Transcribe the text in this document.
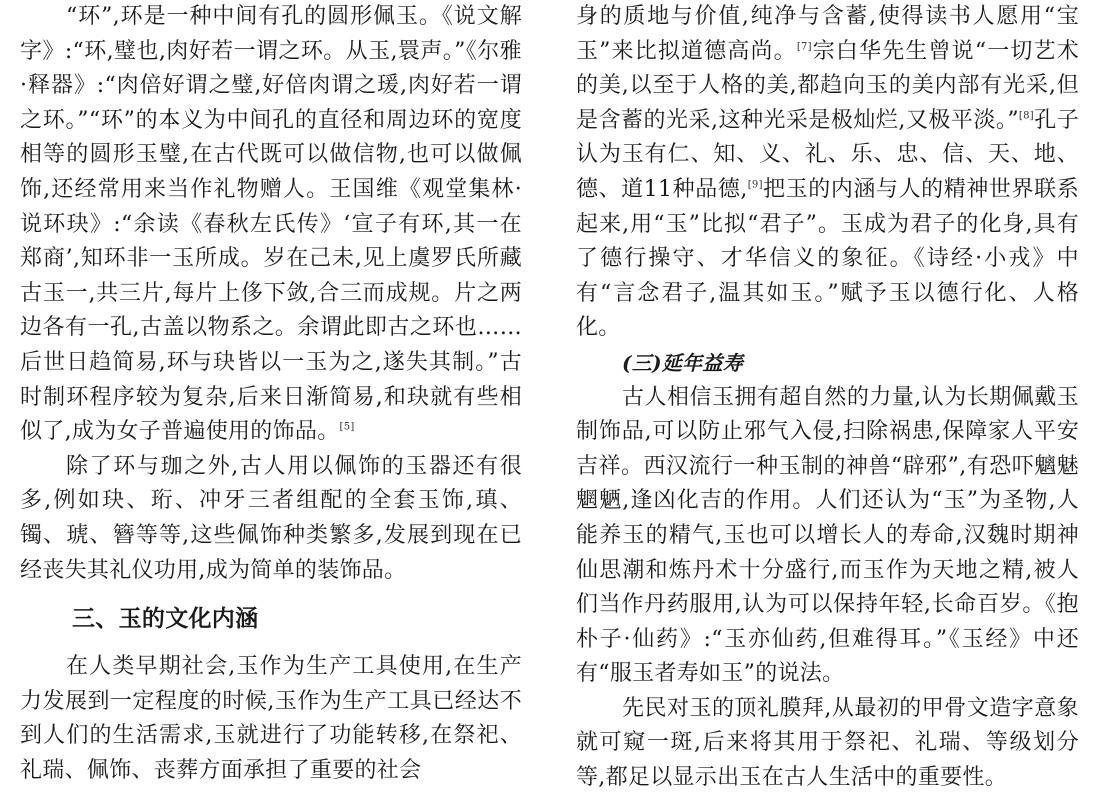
“环”,环是一种中间有孔的圆形佩玉。《说文解字》:“环,璧也,肉好若一谓之环。从玉,睘声。”《尔雅·释器》:“肉倍好谓之璧,好倍肉谓之瑗,肉好若一谓之环。”“环”的本义为中间孔的直径和周边环的宽度相等的圆形玉璧,在古代既可以做信物,也可以做佩饰,还经常用来当作礼物赠人。王国维《观堂集林·说环玦》:“余读《春秋左氏传》‘宣子有环,其一在郑商’,知环非一玉所成。岁在己未,见上虞罗氏所藏古玉一,共三片,每片上侈下敛,合三而成规。片之两边各有一孔,古盖以物系之。余谓此即古之环也……后世日趋简易,环与玦皆以一玉为之,遂失其制。”古时制环程序较为复杂,后来日渐简易,和玦就有些相似了,成为女子普遍使用的饰品。[5]

除了环与珈之外,古人用以佩饰的玉器还有很多,例如玦、珩、冲牙三者组配的全套玉饰,瑱、镯、琥、簪等等,这些佩饰种类繁多,发展到现在已经丧失其礼仪功用,成为简单的装饰品。

三、玉的文化内涵

在人类早期社会,玉作为生产工具使用,在生产力发展到一定程度的时候,玉作为生产工具已经达不到人们的生活需求,玉就进行了功能转移,在祭祀、礼瑞、佩饰、丧葬方面承担了重要的社会

身的质地与价值,纯净与含蓄,使得读书人愿用“宝玉”来比拟道德高尚。[7]宗白华先生曾说“一切艺术的美,以至于人格的美,都趋向玉的美内部有光采,但是含蓄的光采,这种光采是极灿烂,又极平淡。”[8]孔子认为玉有仁、知、义、礼、乐、忠、信、天、地、德、道11种品德,[9]把玉的内涵与人的精神世界联系起来,用“玉”比拟“君子”。玉成为君子的化身,具有了德行操守、才华信义的象征。《诗经·小戎》中有“言念君子,温其如玉。”赋予玉以德行化、人格化。

(三)延年益寿

古人相信玉拥有超自然的力量,认为长期佩戴玉制饰品,可以防止邪气入侵,扫除祸患,保障家人平安吉祥。西汉流行一种玉制的神兽“辟邪”,有恐吓魑魅魍魉,逢凶化吉的作用。人们还认为“玉”为圣物,人能养玉的精气,玉也可以增长人的寿命,汉魏时期神仙思潮和炼丹术十分盛行,而玉作为天地之精,被人们当作丹药服用,认为可以保持年轻,长命百岁。《抱朴子·仙药》:“玉亦仙药,但难得耳。”《玉经》中还有“服玉者寿如玉”的说法。

先民对玉的顶礼膜拜,从最初的甲骨文造字意象就可窥一斑,后来将其用于祭祀、礼瑞、等级划分等,都足以显示出玉在古人生活中的重要性。
